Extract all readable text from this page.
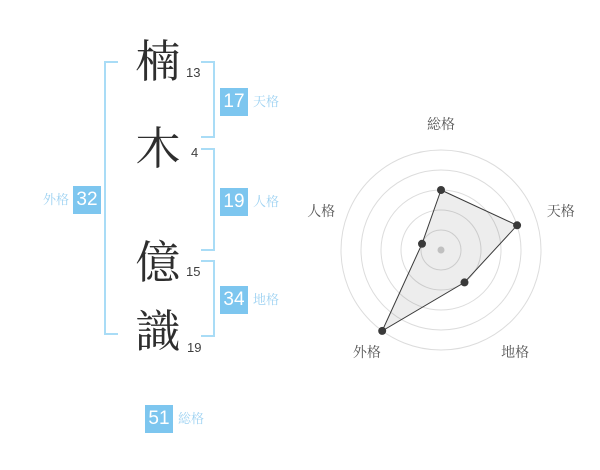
楠
木
億
識
13
4
15
19
17 天格
19 人格
34 地格
外格 32
51 総格
総格
天格
地格
外格
人格
